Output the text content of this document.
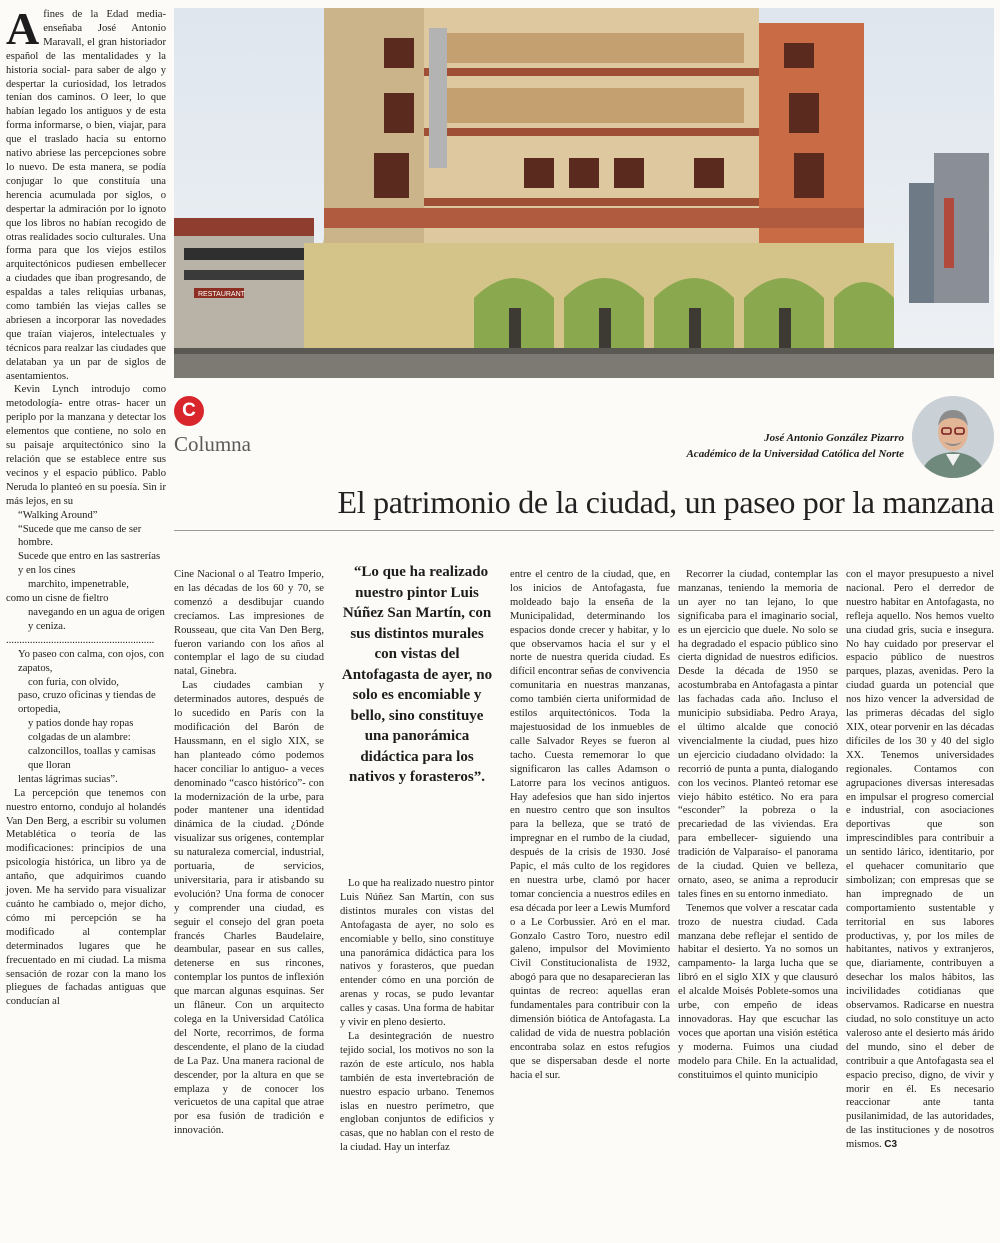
Afines de la Edad media-enseñaba José Antonio Maravall, el gran historiador español de las mentalidades y la historia social- para saber de algo y despertar la curiosidad, los letrados tenían dos caminos. O leer, lo que habían legado los antiguos y de esta forma informarse, o bien, viajar, para que el traslado hacia su entorno nativo abriese las percepciones sobre lo nuevo. De esta manera, se podía conjugar lo que constituía una herencia acumulada por siglos, o despertar la admiración por lo ignoto que los libros no habían recogido de otras realidades socio culturales. Una forma para que los viejos estilos arquitectónicos pudiesen embellecer a ciudades que iban progresando, de espaldas a tales reliquias urbanas, como también las viejas calles se abriesen a incorporar las novedades que traían viajeros, intelectuales y técnicos para realzar las ciudades que delataban ya un par de siglos de asentamientos.

Kevin Lynch introdujo como metodología- entre otras- hacer un periplo por la manzana y detectar los elementos que contiene, no solo en su paisaje arquitectónico sino la relación que se establece entre sus vecinos y el espacio público. Pablo Neruda lo planteó en su poesía. Sin ir más lejos, en su

“Walking Around”

“Sucede que me canso de ser hombre.

Sucede que entro en las sastrerías y en los cines

marchito, impenetrable,

como un cisne de fieltro

navegando en un agua de origen y ceniza.

........................................................

Yo paseo con calma, con ojos, con zapatos,

con furia, con olvido,

paso, cruzo oficinas y tiendas de ortopedia,

y patios donde hay ropas colgadas de un alambre:

calzoncillos, toallas y camisas que lloran

lentas lágrimas sucias”.

La percepción que tenemos con nuestro entorno, condujo al holandés Van Den Berg, a escribir su volumen Metablética o teoría de las modificaciones: principios de una psicología histórica, un libro ya de antaño, que adquirimos cuando joven. Me ha servido para visualizar cuánto he cambiado o, mejor dicho, cómo mi percepción se ha modificado al contemplar determinados lugares que he frecuentado en mi ciudad. La misma sensación de rozar con la mano los pliegues de fachadas antiguas que conducían al

RESTAURANT
C
Columna	José Antonio González Pizarro
Académico de la Universidad Católica del Norte
El patrimonio de la ciudad, un paseo por la manzana

Cine Nacional o al Teatro Imperio, en las décadas de los 60 y 70, se comenzó a desdibujar cuando crecíamos. Las impresiones de Rousseau, que cita Van Den Berg, fueron variando con los años al contemplar el lago de su ciudad natal, Ginebra.

Las ciudades cambian y determinados autores, después de lo sucedido en París con la modificación del Barón de Haussmann, en el siglo XIX, se han planteado cómo podemos hacer conciliar lo antiguo- a veces denominado “casco histórico”- con la modernización de la urbe, para poder mantener una identidad dinámica de la ciudad. ¿Dónde visualizar sus orígenes, contemplar su naturaleza comercial, industrial, portuaria, de servicios, universitaria, para ir atisbando su evolución? Una forma de conocer y comprender una ciudad, es seguir el consejo del gran poeta francés Charles Baudelaire, deambular, pasear en sus calles, detenerse en sus rincones, contemplar los puntos de inflexión que marcan algunas esquinas. Ser un flâneur. Con un arquitecto colega en la Universidad Católica del Norte, recorrimos, de forma descendente, el plano de la ciudad de La Paz. Una manera racional de descender, por la altura en que se emplaza y de conocer los vericuetos de una capital que atrae por esa fusión de tradición e innovación.

“Lo que ha realizado nuestro pintor Luis Núñez San Martín, con sus distintos murales con vistas del Antofagasta de ayer, no solo es encomiable y bello, sino constituye una panorámica didáctica para los nativos y forasteros”.

Lo que ha realizado nuestro pintor Luis Núñez San Martín, con sus distintos murales con vistas del Antofagasta de ayer, no solo es encomiable y bello, sino constituye una panorámica didáctica para los nativos y forasteros, que puedan entender cómo en una porción de arenas y rocas, se pudo levantar calles y casas. Una forma de habitar y vivir en pleno desierto.

La desintegración de nuestro tejido social, los motivos no son la razón de este artículo, nos habla también de esta invertebración de nuestro espacio urbano. Tenemos islas en nuestro perímetro, que engloban conjuntos de edificios y casas, que no hablan con el resto de la ciudad. Hay un interfaz

entre el centro de la ciudad, que, en los inicios de Antofagasta, fue moldeado bajo la enseña de la Municipalidad, determinando los espacios donde crecer y habitar, y lo que observamos hacia el sur y el norte de nuestra querida ciudad. Es difícil encontrar señas de convivencia comunitaria en nuestras manzanas, como también cierta uniformidad de estilos arquitectónicos. Toda la majestuosidad de los inmuebles de calle Salvador Reyes se fueron al tacho. Cuesta rememorar lo que significaron las calles Adamson o Latorre para los vecinos antiguos. Hay adefesios que han sido injertos en nuestro centro que son insultos para la belleza, que se trató de impregnar en el rumbo de la ciudad, después de la crisis de 1930. José Papic, el más culto de los regidores en nuestra urbe, clamó por hacer tomar conciencia a nuestros ediles en esa década por leer a Lewis Mumford o a Le Corbussier. Aró en el mar. Gonzalo Castro Toro, nuestro edil galeno, impulsor del Movimiento Civil Constitucionalista de 1932, abogó para que no desaparecieran las quintas de recreo: aquellas eran fundamentales para contribuir con la dimensión biótica de Antofagasta. La calidad de vida de nuestra población encontraba solaz en estos refugios que se dispersaban desde el norte hacia el sur.

Recorrer la ciudad, contemplar las manzanas, teniendo la memoria de un ayer no tan lejano, lo que significaba para el imaginario social, es un ejercicio que duele. No solo se ha degradado el espacio público sino cierta dignidad de nuestros edificios. Desde la década de 1950 se acostumbraba en Antofagasta a pintar las fachadas cada año. Incluso el municipio subsidiaba. Pedro Araya, el último alcalde que conoció vivencialmente la ciudad, pues hizo un ejercicio ciudadano olvidado: la recorrió de punta a punta, dialogando con los vecinos. Planteó retomar ese viejo hábito estético. No era para “esconder” la pobreza o la precariedad de las viviendas. Era para embellecer- siguiendo una tradición de Valparaíso- el panorama de la ciudad. Quien ve belleza, ornato, aseo, se anima a reproducir tales fines en su entorno inmediato.

Tenemos que volver a rescatar cada trozo de nuestra ciudad. Cada manzana debe reflejar el sentido de habitar el desierto. Ya no somos un campamento- la larga lucha que se libró en el siglo XIX y que clausuró el alcalde Moisés Poblete-somos una urbe, con empeño de ideas innovadoras. Hay que escuchar las voces que aportan una visión estética y moderna. Fuimos una ciudad modelo para Chile. En la actualidad, constituimos el quinto municipio

con el mayor presupuesto a nivel nacional. Pero el derredor de nuestro habitar en Antofagasta, no refleja aquello. Nos hemos vuelto una ciudad gris, sucia e insegura. No hay cuidado por preservar el espacio público de nuestros parques, plazas, avenidas. Pero la ciudad guarda un potencial que nos hizo vencer la adversidad de las primeras décadas del siglo XIX, otear porvenir en las décadas difíciles de los 30 y 40 del siglo XX. Tenemos universidades regionales. Contamos con agrupaciones diversas interesadas en impulsar el progreso comercial e industrial, con asociaciones deportivas que son imprescindibles para contribuir a un sentido lárico, identitario, por el quehacer comunitario que simbolizan; con empresas que se han impregnado de un comportamiento sustentable y territorial en sus labores productivas, y, por los miles de habitantes, nativos y extranjeros, que, diariamente, contribuyen a desechar los malos hábitos, las incivilidades cotidianas que observamos. Radicarse en nuestra ciudad, no solo constituye un acto valeroso ante el desierto más árido del mundo, sino el deber de contribuir a que Antofagasta sea el espacio preciso, digno, de vivir y morir en él. Es necesario reaccionar ante tanta pusilanimidad, de las autoridades, de las instituciones y de nosotros mismos. C3
